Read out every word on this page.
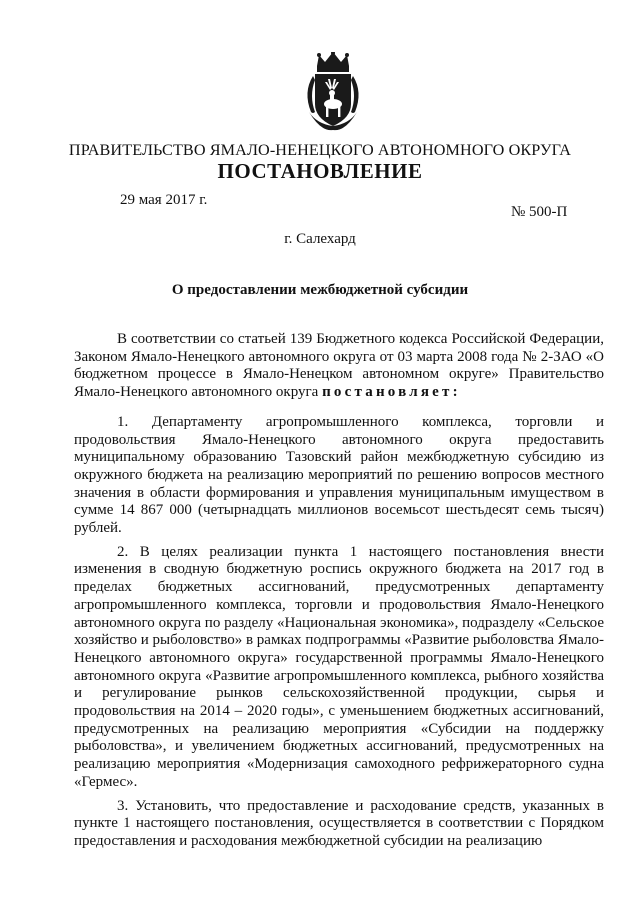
ПРАВИТЕЛЬСТВО ЯМАЛО-НЕНЕЦКОГО АВТОНОМНОГО ОКРУГА
ПОСТАНОВЛЕНИЕ
29 мая 2017 г.
№ 500-П
г. Салехард
О предоставлении межбюджетной субсидии

В соответствии со статьей 139 Бюджетного кодекса Российской Федерации, Законом Ямало-Ненецкого автономного округа от 03 марта 2008 года № 2-ЗАО «О бюджетном процессе в Ямало-Ненецком автономном округе» Правительство Ямало-Ненецкого автономного округа постановляет:

1. Департаменту агропромышленного комплекса, торговли и продовольствия Ямало-Ненецкого автономного округа предоставить муниципальному образованию Тазовский район межбюджетную субсидию из окружного бюджета на реализацию мероприятий по решению вопросов местного значения в области формирования и управления муниципальным имуществом в сумме 14 867 000 (четырнадцать миллионов восемьсот шестьдесят семь тысяч) рублей.

2. В целях реализации пункта 1 настоящего постановления внести изменения в сводную бюджетную роспись окружного бюджета на 2017 год в пределах бюджетных ассигнований, предусмотренных департаменту агропромышленного комплекса, торговли и продовольствия Ямало-Ненецкого автономного округа по разделу «Национальная экономика», подразделу «Сельское хозяйство и рыболовство» в рамках подпрограммы «Развитие рыболовства Ямало-Ненецкого автономного округа» государственной программы Ямало-Ненецкого автономного округа «Развитие агропромышленного комплекса, рыбного хозяйства и регулирование рынков сельскохозяйственной продукции, сырья и продовольствия на 2014 – 2020 годы», с уменьшением бюджетных ассигнований, предусмотренных на реализацию мероприятия «Субсидии на поддержку рыболовства», и увеличением бюджетных ассигнований, предусмотренных на реализацию мероприятия «Модернизация самоходного рефрижераторного судна «Гермес».

3. Установить, что предоставление и расходование средств, указанных в пункте 1 настоящего постановления, осуществляется в соответствии с Порядком предоставления и расходования межбюджетной субсидии на реализацию
